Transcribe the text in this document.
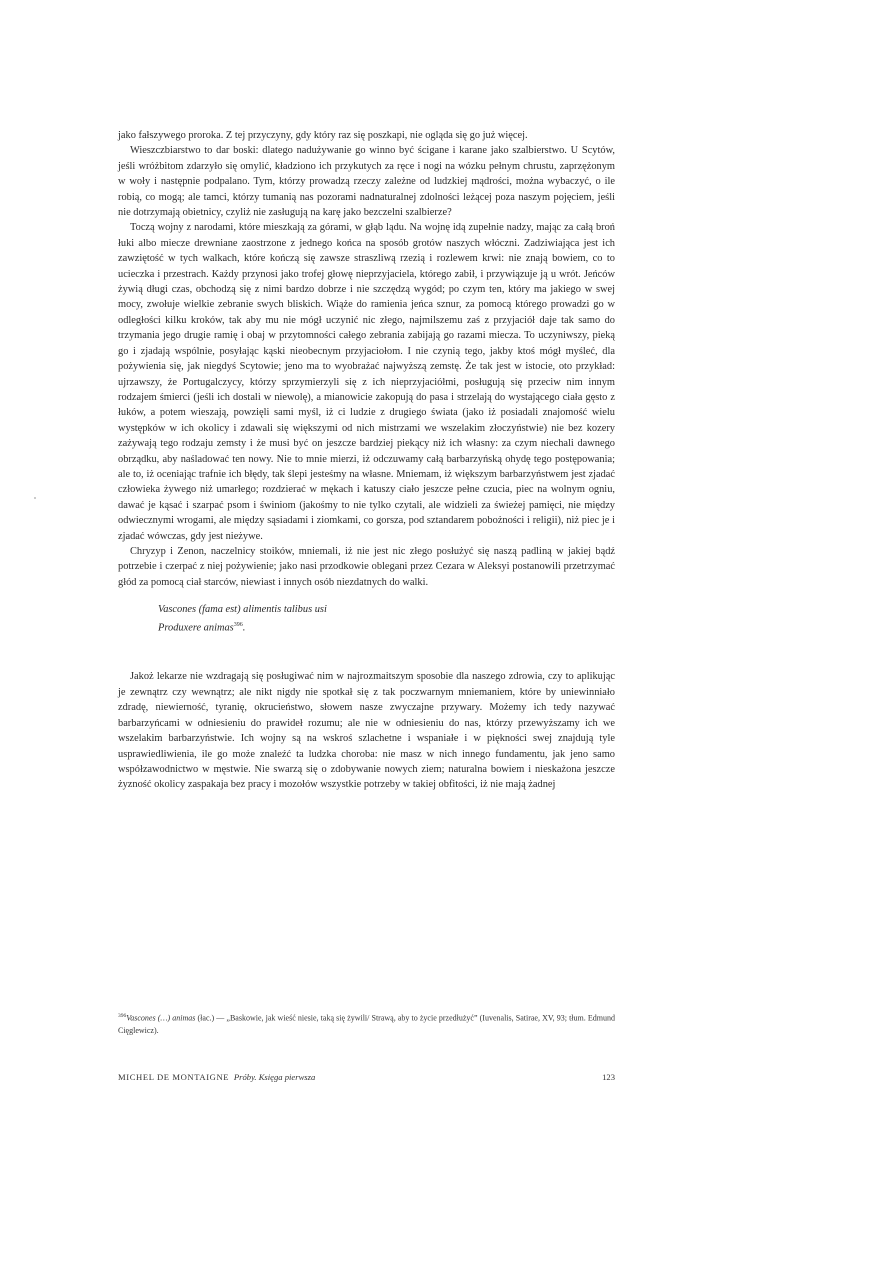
jako fałszywego proroka. Z tej przyczyny, gdy który raz się poszkapi, nie ogląda się go już więcej.

Wieszczbiarstwo to dar boski: dlatego nadużywanie go winno być ścigane i karane jako szalbierstwo. U Scytów, jeśli wróżbitom zdarzyło się omylić, kładziono ich przykutych za ręce i nogi na wózku pełnym chrustu, zaprzężonym w woły i następnie podpalano. Tym, którzy prowadzą rzeczy zależne od ludzkiej mądrości, można wybaczyć, o ile robią, co mogą; ale tamci, którzy tumanią nas pozorami nadnaturalnej zdolności leżącej poza naszym pojęciem, jeśli nie dotrzymają obietnicy, czyliż nie zasługują na karę jako bezczelni szalbierze?

Toczą wojny z narodami, które mieszkają za górami, w głąb lądu. Na wojnę idą zupełnie nadzy, mając za całą broń łuki albo miecze drewniane zaostrzone z jednego końca na sposób grotów naszych włóczni. Zadziwiająca jest ich zawziętość w tych walkach, które kończą się zawsze straszliwą rzezią i rozlewem krwi: nie znają bowiem, co to ucieczka i przestrach. Każdy przynosi jako trofej głowę nieprzyjaciela, którego zabił, i przywiązuje ją u wrót. Jeńców żywią długi czas, obchodzą się z nimi bardzo dobrze i nie szczędzą wygód; po czym ten, który ma jakiego w swej mocy, zwołuje wielkie zebranie swych bliskich. Wiąże do ramienia jeńca sznur, za pomocą którego prowadzi go w odległości kilku kroków, tak aby mu nie mógł uczynić nic złego, najmilszemu zaś z przyjaciół daje tak samo do trzymania jego drugie ramię i obaj w przytomności całego zebrania zabijają go razami miecza. To uczyniwszy, pieką go i zjadają wspólnie, posyłając kąski nieobecnym przyjaciołom. I nie czynią tego, jakby ktoś mógł myśleć, dla pożywienia się, jak niegdyś Scytowie; jeno ma to wyobrażać najwyższą zemstę. Że tak jest w istocie, oto przykład: ujrzawszy, że Portugalczycy, którzy sprzymierzyli się z ich nieprzyjaciółmi, posługują się przeciw nim innym rodzajem śmierci (jeśli ich dostali w niewolę), a mianowicie zakopują do pasa i strzelają do wystającego ciała gęsto z łuków, a potem wieszają, powzięli sami myśl, iż ci ludzie z drugiego świata (jako iż posiadali znajomość wielu występków w ich okolicy i zdawali się większymi od nich mistrzami we wszelakim złoczyństwie) nie bez kozery zażywają tego rodzaju zemsty i że musi być on jeszcze bardziej piekący niż ich własny: za czym niechali dawnego obrządku, aby naśladować ten nowy. Nie to mnie mierzi, iż odczuwamy całą barbarzyńską ohydę tego postępowania; ale to, iż oceniając trafnie ich błędy, tak ślepi jesteśmy na własne. Mniemam, iż większym barbarzyństwem jest zjadać człowieka żywego niż umarłego; rozdzierać w mękach i katuszy ciało jeszcze pełne czucia, piec na wolnym ogniu, dawać je kąsać i szarpać psom i świniom (jakośmy to nie tylko czytali, ale widzieli za świeżej pamięci, nie między odwiecznymi wrogami, ale między sąsiadami i ziomkami, co gorsza, pod sztandarem pobożności i religii), niż piec je i zjadać wówczas, gdy jest nieżywe.

Chryzyp i Zenon, naczelnicy stoików, mniemali, iż nie jest nic złego posłużyć się naszą padliną w jakiej bądź potrzebie i czerpać z niej pożywienie; jako nasi przodkowie oblegani przez Cezara w Aleksyi postanowili przetrzymać głód za pomocą ciał starców, niewiast i innych osób niezdatnych do walki.

Vascones (fama est) alimentis talibus usi
Produxere animas$^{396}$.

Jakoż lekarze nie wzdragają się posługiwać nim w najrozmaitszym sposobie dla naszego zdrowia, czy to aplikując je zewnątrz czy wewnątrz; ale nikt nigdy nie spotkał się z tak poczwarnym mniemaniem, które by uniewinniało zdradę, niewierność, tyranię, okrucieństwo, słowem nasze zwyczajne przywary. Możemy ich tedy nazywać barbarzyńcami w odniesieniu do prawideł rozumu; ale nie w odniesieniu do nas, którzy przewyższamy ich we wszelakim barbarzyństwie. Ich wojny są na wskroś szlachetne i wspaniałe i w piękności swej znajdują tyle usprawiedliwienia, ile go może znaleźć ta ludzka choroba: nie masz w nich innego fundamentu, jak jeno samo współzawodnictwo w męstwie. Nie swarzą się o zdobywanie nowych ziem; naturalna bowiem i nieskażona jeszcze żyzność okolicy zaspakaja bez pracy i mozołów wszystkie potrzeby w takiej obfitości, iż nie mają żadnej

$^{396}$Vascones (…) animas (łac.) — „Baskowie, jak wieść niesie, taką się żywili/ Strawą, aby to życie przedłużyć” (Iuvenalis, Satirae, XV, 93; tłum. Edmund Cięglewicz).
MICHEL DE MONTAIGNE Próby. Księga pierwsza	123
